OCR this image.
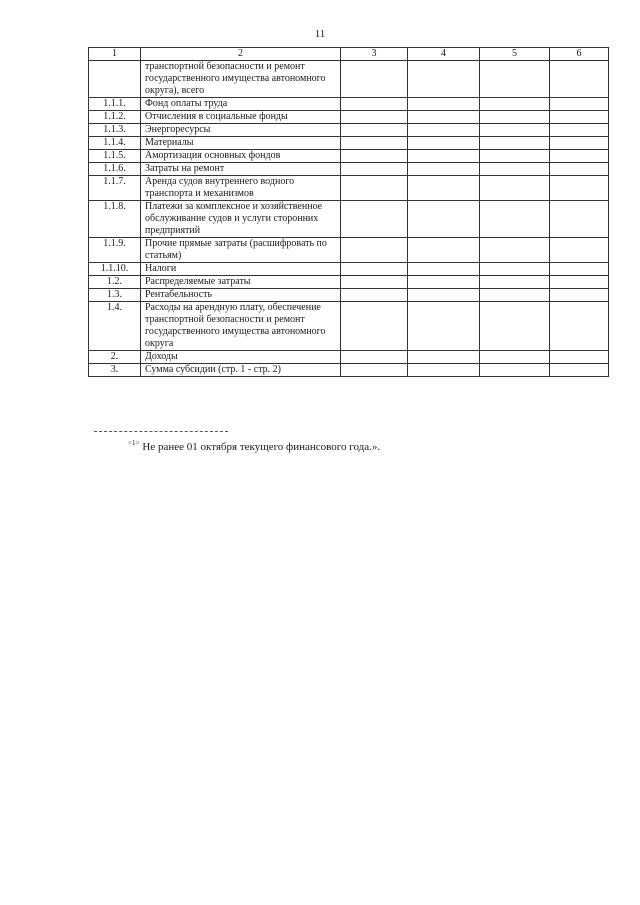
11
1	2	3	4	5	6
	транспортной безопасности и ремонт государственного имущества автономного округа), всего				
1.1.1.	Фонд оплаты труда				
1.1.2.	Отчисления в социальные фонды				
1.1.3.	Энергоресурсы				
1.1.4.	Материалы				
1.1.5.	Амортизация основных фондов				
1.1.6.	Затраты на ремонт				
1.1.7.	Аренда судов внутреннего водного транспорта и механизмов				
1.1.8.	Платежи за комплексное и хозяйственное обслуживание судов и услуги сторонних предприятий				
1.1.9.	Прочие прямые затраты (расшифровать по статьям)				
1.1.10.	Налоги				
1.2.	Распределяемые затраты				
1.3.	Рентабельность				
1.4.	Расходы на арендную плату, обеспечение транспортной безопасности и ремонт государственного имущества автономного округа				
2.	Доходы				
3.	Сумма субсидии (стр. 1 - стр. 2)				
$^{<1>}$ Не ранее 01 октября текущего финансового года.».
